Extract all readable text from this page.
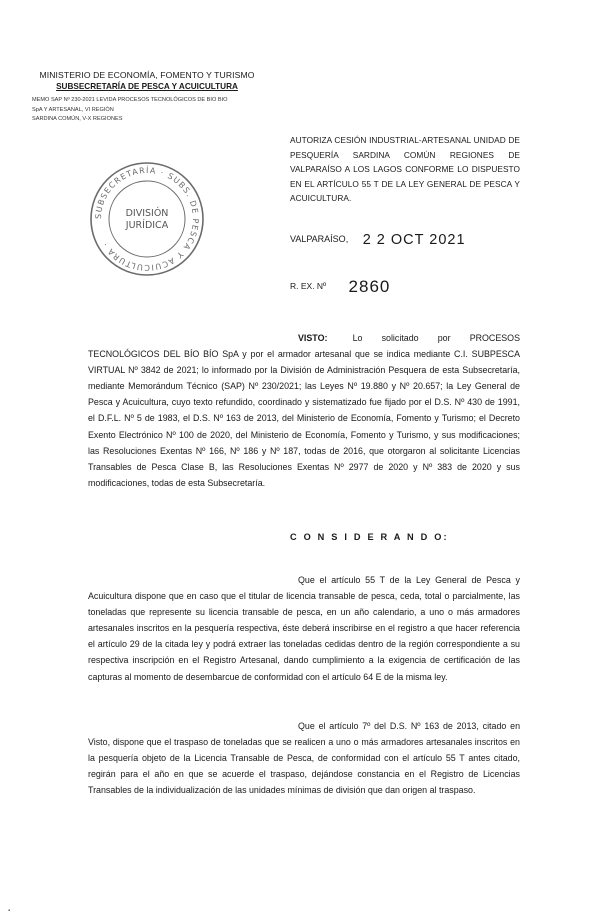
MINISTERIO DE ECONOMÍA, FOMENTO Y TURISMO
SUBSECRETARÍA DE PESCA Y ACUICULTURA
MEMO SAP Nº 230-2021 LEVIDA PROCESOS TECNOLÓGICOS DE BIO BIO
SpA Y ARTESANAL, VI REGIÓN
SARDINA COMÚN, V-X REGIONES
SUBSECRETARÍA · SUBS. DE PESCA Y ACUICULTURA ·
DIVISIÓN
JURÍDICA
AUTORIZA CESIÓN INDUSTRIAL-ARTESANAL UNIDAD DE PESQUERÍA SARDINA COMÚN REGIONES DE VALPARAÍSO A LOS LAGOS CONFORME LO DISPUESTO EN EL ARTÍCULO 55 T DE LA LEY GENERAL DE PESCA Y ACUICULTURA.
VALPARAÍSO, 2 2 OCT 2021
R. EX. Nº 2860
VISTO:	Lo solicitado por PROCESOS TECNOLÓGICOS DEL BÍO BÍO SpA y por el armador artesanal que se indica mediante C.I. SUBPESCA VIRTUAL Nº 3842 de 2021; lo informado por la División de Administración Pesquera de esta Subsecretaría, mediante Memorándum Técnico (SAP) Nº 230/2021; las Leyes Nº 19.880 y Nº 20.657; la Ley General de Pesca y Acuicultura, cuyo texto refundido, coordinado y sistematizado fue fijado por el D.S. Nº 430 de 1991, el D.F.L. Nº 5 de 1983, el D.S. Nº 163 de 2013, del Ministerio de Economía, Fomento y Turismo; el Decreto Exento Electrónico Nº 100 de 2020, del Ministerio de Economía, Fomento y Turismo, y sus modificaciones; las Resoluciones Exentas Nº 166, Nº 186 y Nº 187, todas de 2016, que otorgaron al solicitante Licencias Transables de Pesca Clase B, las Resoluciones Exentas Nº 2977 de 2020 y Nº 383 de 2020 y sus modificaciones, todas de esta Subsecretaría.
C O N S I D E R A N D O:
Que el artículo 55 T de la Ley General de Pesca y Acuicultura dispone que en caso que el titular de licencia transable de pesca, ceda, total o parcialmente, las toneladas que represente su licencia transable de pesca, en un año calendario, a uno o más armadores artesanales inscritos en la pesquería respectiva, éste deberá inscribirse en el registro a que hacer referencia el artículo 29 de la citada ley y podrá extraer las toneladas cedidas dentro de la región correspondiente a su respectiva inscripción en el Registro Artesanal, dando cumplimiento a la exigencia de certificación de las capturas al momento de desembarcue de conformidad con el artículo 64 E de la misma ley.
Que el artículo 7º del D.S. Nº 163 de 2013, citado en Visto, dispone que el traspaso de toneladas que se realicen a uno o más armadores artesanales inscritos en la pesquería objeto de la Licencia Transable de Pesca, de conformidad con el artículo 55 T antes citado, regirán para el año en que se acuerde el traspaso, dejándose constancia en el Registro de Licencias Transables de la individualización de las unidades mínimas de división que dan origen al traspaso.
▪
